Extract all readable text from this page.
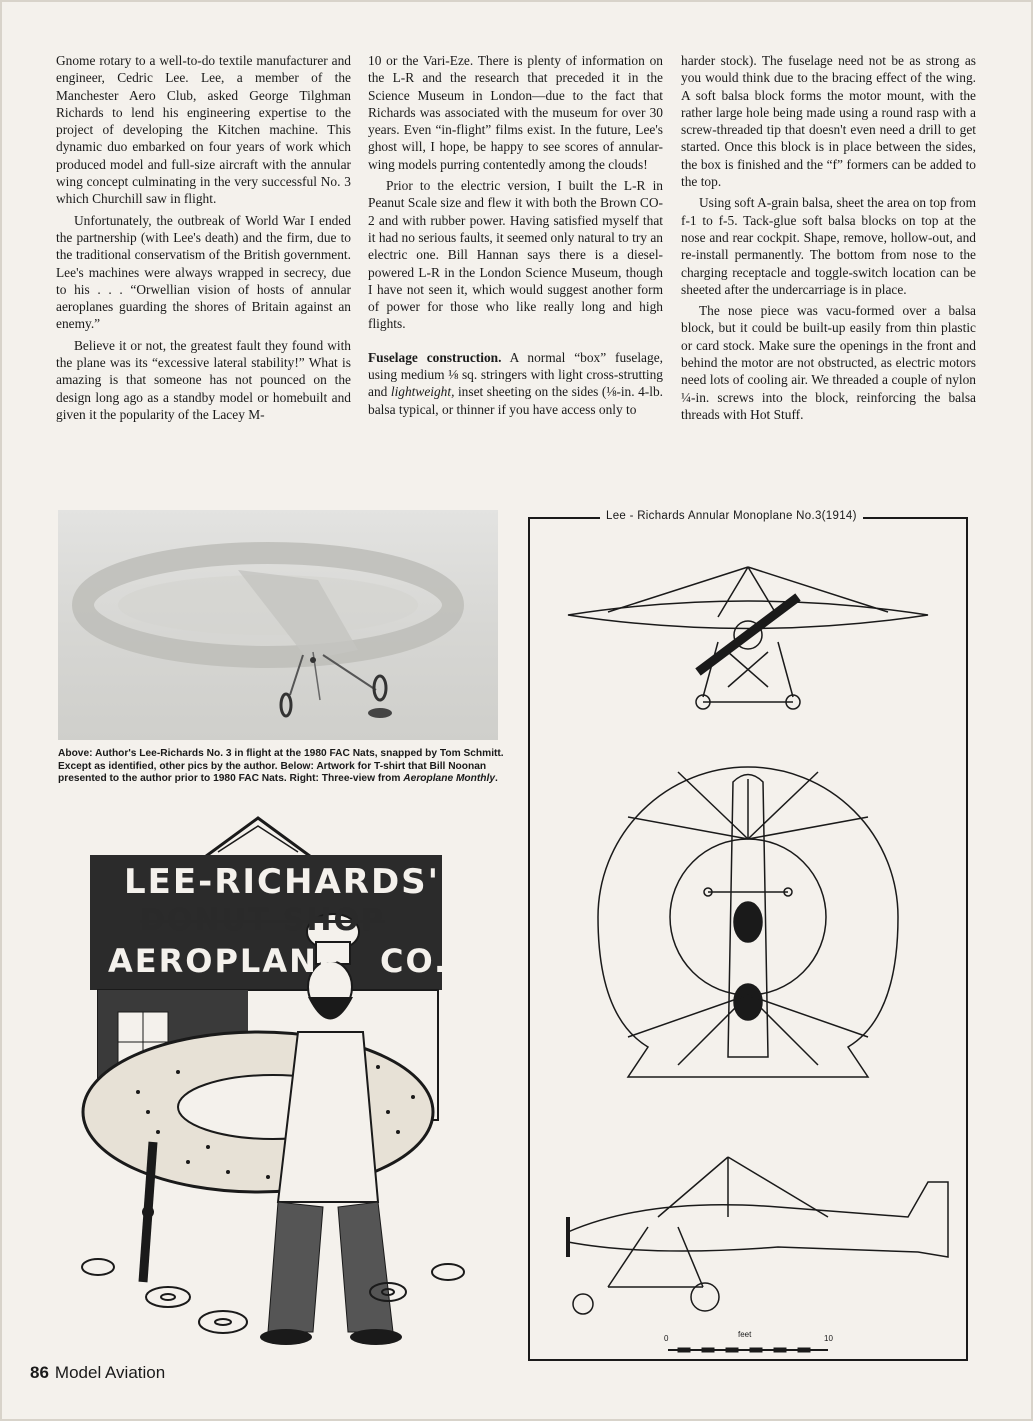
Gnome rotary to a well-to-do textile manufacturer and engineer, Cedric Lee. Lee, a member of the Manchester Aero Club, asked George Tilghman Richards to lend his engineering expertise to the project of developing the Kitchen machine. This dynamic duo embarked on four years of work which produced model and full-size aircraft with the annular wing concept culminating in the very successful No. 3 which Churchill saw in flight.

Unfortunately, the outbreak of World War I ended the partnership (with Lee's death) and the firm, due to the traditional conservatism of the British government. Lee's machines were always wrapped in secrecy, due to his . . . “Orwellian vision of hosts of annular aeroplanes guarding the shores of Britain against an enemy.”

Believe it or not, the greatest fault they found with the plane was its “excessive lateral stability!” What is amazing is that someone has not pounced on the design long ago as a standby model or homebuilt and given it the popularity of the Lacey M-

10 or the Vari-Eze. There is plenty of information on the L-R and the research that preceded it in the Science Museum in London—due to the fact that Richards was associated with the museum for over 30 years. Even “in-flight” films exist. In the future, Lee's ghost will, I hope, be happy to see scores of annular-wing models purring contentedly among the clouds!

Prior to the electric version, I built the L-R in Peanut Scale size and flew it with both the Brown CO-2 and with rubber power. Having satisfied myself that it had no serious faults, it seemed only natural to try an electric one. Bill Hannan says there is a diesel-powered L-R in the London Science Museum, though I have not seen it, which would suggest another form of power for those who like really long and high flights.

Fuselage construction. A normal “box” fuselage, using medium ⅛ sq. stringers with light cross-strutting and lightweight, inset sheeting on the sides (⅛-in. 4-lb. balsa typical, or thinner if you have access only to

harder stock). The fuselage need not be as strong as you would think due to the bracing effect of the wing. A soft balsa block forms the motor mount, with the rather large hole being made using a round rasp with a screw-threaded tip that doesn't even need a drill to get started. Once this block is in place between the sides, the box is finished and the “f” formers can be added to the top.

Using soft A-grain balsa, sheet the area on top from f-1 to f-5. Tack-glue soft balsa blocks on top at the nose and rear cockpit. Shape, remove, hollow-out, and re-install permanently. The bottom from nose to the charging receptacle and toggle-switch location can be sheeted after the undercarriage is in place.

The nose piece was vacu-formed over a balsa block, but it could be built-up easily from thin plastic or card stock. Make sure the openings in the front and behind the motor are not obstructed, as electric motors need lots of cooling air. We threaded a couple of nylon ¼-in. screws into the block, reinforcing the balsa threads with Hot Stuff.

Above: Author's Lee-Richards No. 3 in flight at the 1980 FAC Nats, snapped by Tom Schmitt. Except as identified, other pics by the author. Below: Artwork for T-shirt that Bill Noonan presented to the author prior to 1980 FAC Nats. Right: Three-view from Aeroplane Monthly.
LEE-RICHARDS'
DONUT SHOP
AEROPLANE CO.
Lee - Richards Annular Monoplane No.3(1914)
0	feet	10
86 Model Aviation
